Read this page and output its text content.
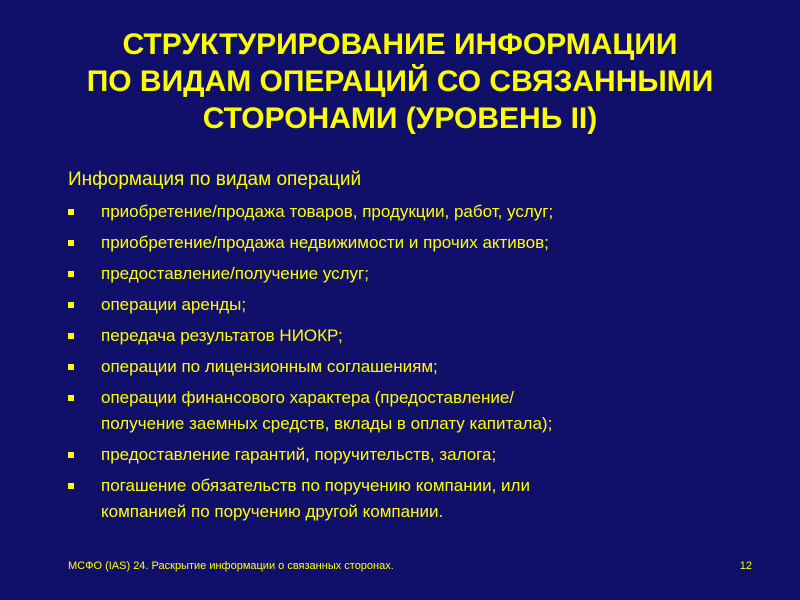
СТРУКТУРИРОВАНИЕ ИНФОРМАЦИИ
ПО ВИДАМ ОПЕРАЦИЙ СО СВЯЗАННЫМИ
СТОРОНАМИ (УРОВЕНЬ II)

Информация по видам операций

приобретение/продажа товаров, продукции, работ, услуг;
приобретение/продажа недвижимости и прочих активов;
предоставление/получение услуг;
операции аренды;
передача результатов НИОКР;
операции по лицензионным соглашениям;
операции финансового характера (предоставление/
получение заемных средств, вклады в оплату капитала);
предоставление гарантий, поручительств, залога;
погашение обязательств по поручению компании, или
компанией по поручению другой компании.
МСФО (IAS) 24. Раскрытие информации о связанных сторонах.	12
